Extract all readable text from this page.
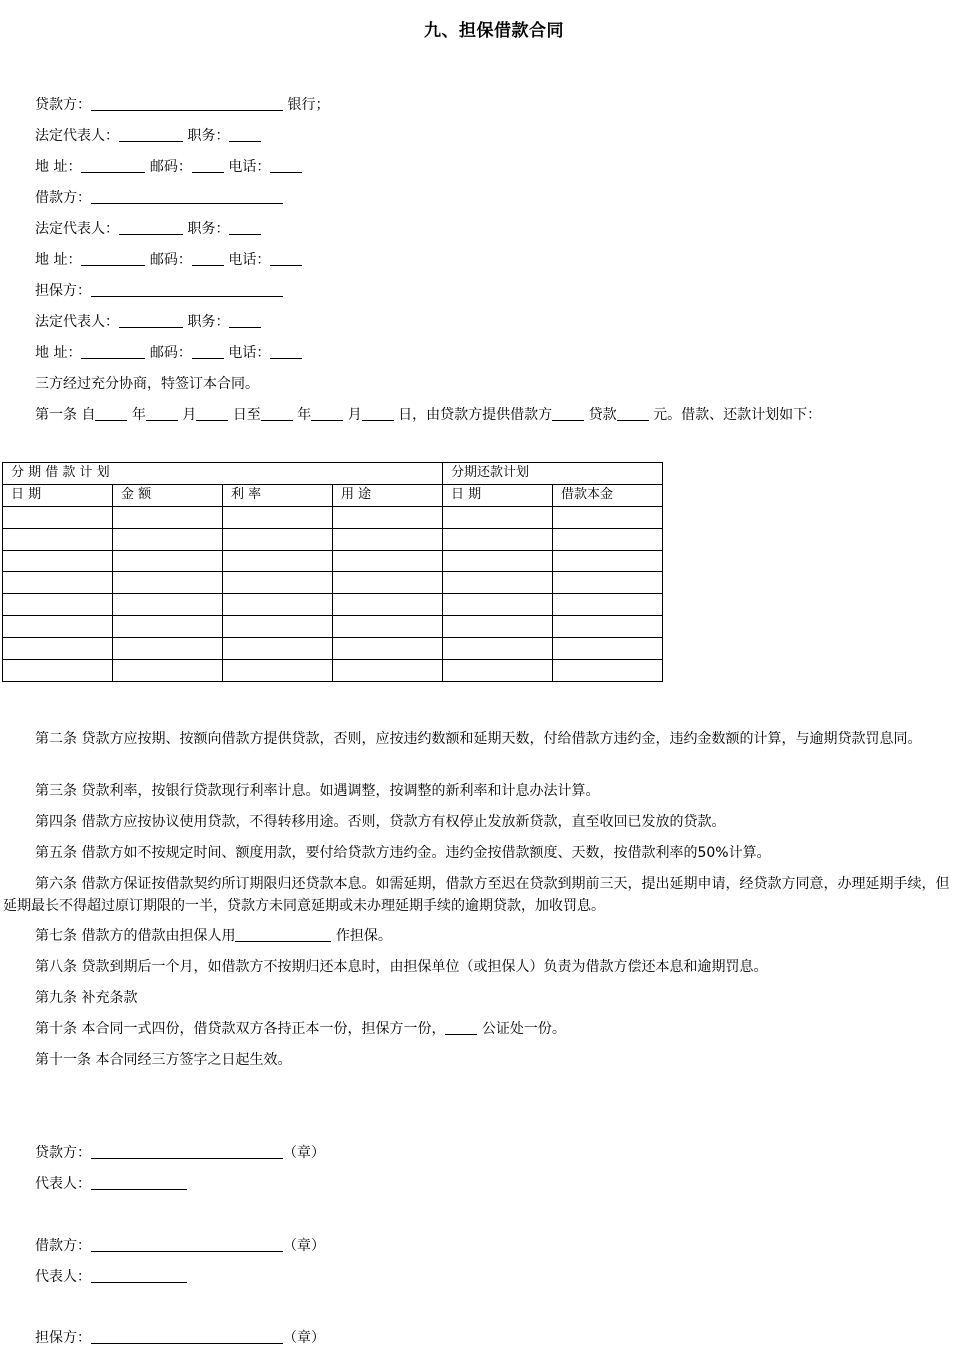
九、担保借款合同
贷款方：	银行；
法定代表人：	职务：
地 址：	邮码：	电话：
借款方：
法定代表人：	职务：
地 址：	邮码：	电话：
担保方：
法定代表人：	职务：
地 址：	邮码：	电话：
三方经过充分协商，特签订本合同。
第一条 自	年	月	日至	年	月	日，由贷款方提供借款方	贷款	元。借款、还款计划如下：
分 期 借 款 计 划				分期还款计划	
日 期	金 额	利 率	用 途	日 期	借款本金

第二条 贷款方应按期、按额向借款方提供贷款，否则，应按违约数额和延期天数，付给借款方违约金，违约金数额的计算，与逾期贷款罚息同。
第三条 贷款利率，按银行贷款现行利率计息。如遇调整，按调整的新利率和计息办法计算。
第四条 借款方应按协议使用贷款，不得转移用途。否则，贷款方有权停止发放新贷款，直至收回已发放的贷款。
第五条 借款方如不按规定时间、额度用款，要付给贷款方违约金。违约金按借款额度、天数，按借款利率的50%计算。
第六条 借款方保证按借款契约所订期限归还贷款本息。如需延期，借款方至迟在贷款到期前三天，提出延期申请，经贷款方同意，办理延期手续，但延期最长不得超过原订期限的一半，贷款方未同意延期或未办理延期手续的逾期贷款，加收罚息。
第七条 借款方的借款由担保人用	作担保。
第八条 贷款到期后一个月，如借款方不按期归还本息时，由担保单位（或担保人）负责为借款方偿还本息和逾期罚息。
第九条 补充条款
第十条 本合同一式四份，借贷款双方各持正本一份，担保方一份，	公证处一份。
第十一条 本合同经三方签字之日起生效。
贷款方：	（章）
代表人：
借款方：	（章）
代表人：
担保方：	（章）
